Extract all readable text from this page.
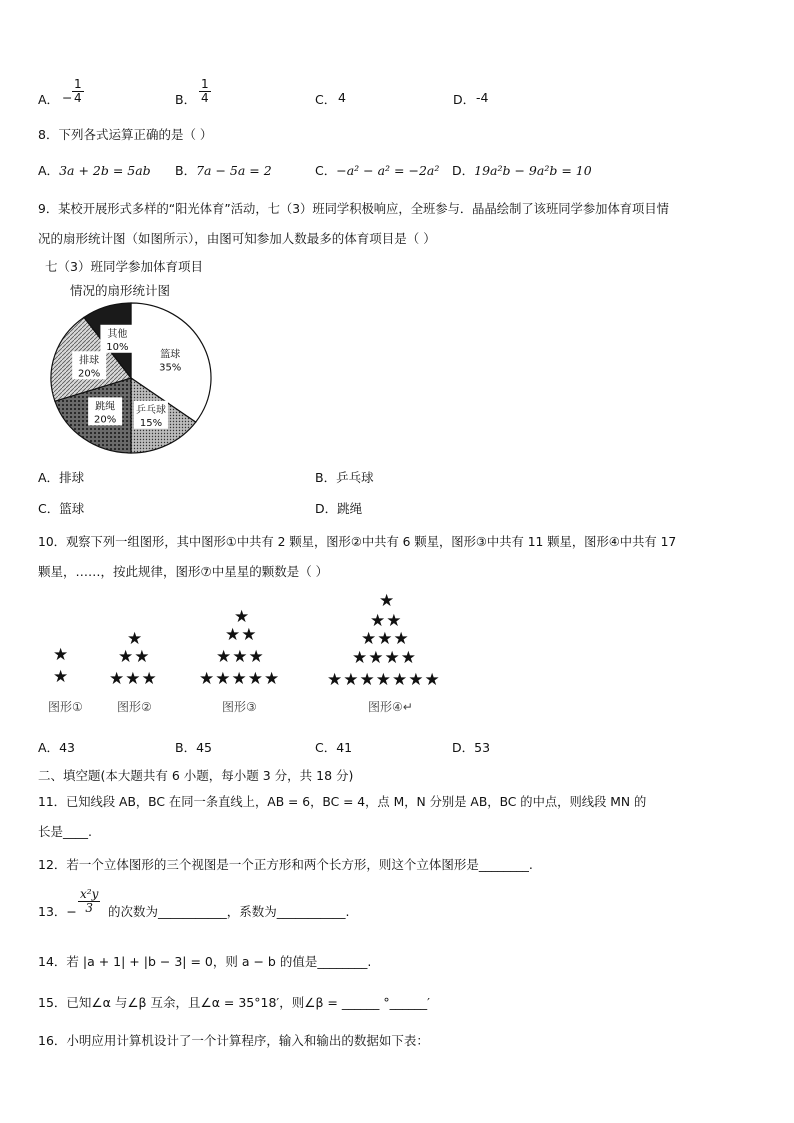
A． − $\frac{1}{4}$	B． $\frac{1}{4}$	C． 4	D． -4
8．下列各式运算正确的是（ ）
A．3a + 2b = 5ab B．7a − 5a = 2	C．−a² − a² = −2a² D．19a²b − 9a²b = 10
9．某校开展形式多样的“阳光体育”活动，七（3）班同学积极响应，全班参与．晶晶绘制了该班同学参加体育项目情
况的扇形统计图（如图所示），由图可知参加人数最多的体育项目是（ ）
七（3）班同学参加体育项目
情况的扇形统计图
篮球
35%
乒乓球
15%
跳绳
20%
排球
20%
其他
10%
A．排球	B．乒乓球
C．篮球	D．跳绳
10．观察下列一组图形，其中图形①中共有 2 颗星，图形②中共有 6 颗星，图形③中共有 11 颗星，图形④中共有 17
颗星，……，按此规律，图形⑦中星星的颗数是（ ）
★
★
图形①
★
★★
★★★
图形②
★
★★
★★★
★★★★★
图形③
★
★★
★★★
★★★★
★★★★★★★
图形④↵
A．43	B．45	C．41	D．53
二、填空题(本大题共有 6 小题，每小题 3 分，共 18 分)
11．已知线段 AB，BC 在同一条直线上，AB = 6，BC = 4，点 M，N 分别是 AB，BC 的中点，则线段 MN 的
长是____.
12．若一个立体图形的三个视图是一个正方形和两个长方形，则这个立体图形是________.
13．− $\frac{\text{x²y}}{3}$ 的次数为___________，系数为___________.
14．若 |a + 1| + |b − 3| = 0，则 a − b 的值是________.
15．已知∠α 与∠β 互余，且∠α = 35°18′，则∠β = ______ °______′
16．小明应用计算机设计了一个计算程序，输入和输出的数据如下表：
